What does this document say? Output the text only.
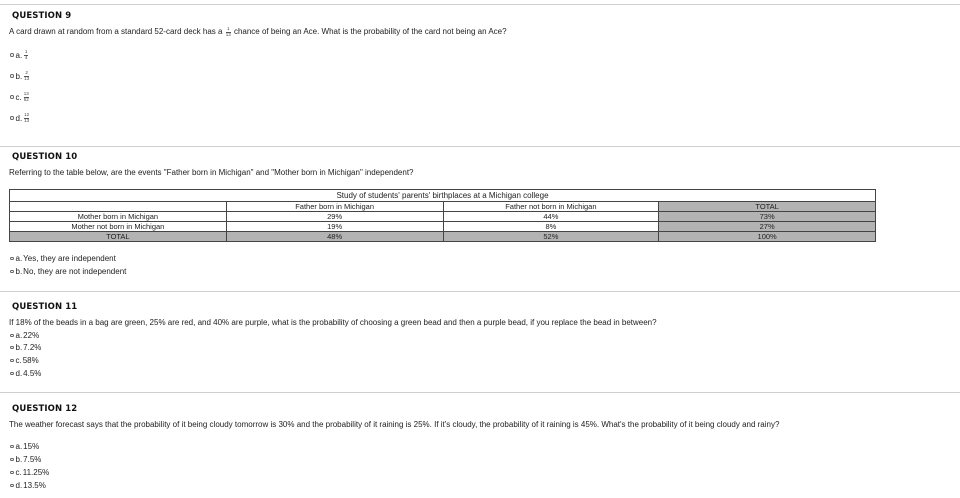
QUESTION 9
A card drawn at random from a standard 52-card deck has a $\frac{1}{13}$ chance of being an Ace. What is the probability of the card not being an Ace?
a. $\frac{1}{4}$
b. $\frac{2}{13}$
c. $\frac{13}{52}$
d. $\frac{12}{13}$
QUESTION 10
Referring to the table below, are the events "Father born in Michigan" and "Mother born in Michigan" independent?
Study of students' parents' birthplaces at a Michigan college			
	Father born in Michigan	Father not born in Michigan	TOTAL
Mother born in Michigan	29%	44%	73%
Mother not born in Michigan	19%	8%	27%
TOTAL	48%	52%	100%
a. Yes, they are independent
b. No, they are not independent
QUESTION 11
If 18% of the beads in a bag are green, 25% are red, and 40% are purple, what is the probability of choosing a green bead and then a purple bead, if you replace the bead in between?
a. 22%
b. 7.2%
c. 58%
d. 4.5%
QUESTION 12
The weather forecast says that the probability of it being cloudy tomorrow is 30% and the probability of it raining is 25%. If it's cloudy, the probability of it raining is 45%. What's the probability of it being cloudy and rainy?
a. 15%
b. 7.5%
c. 11.25%
d. 13.5%
